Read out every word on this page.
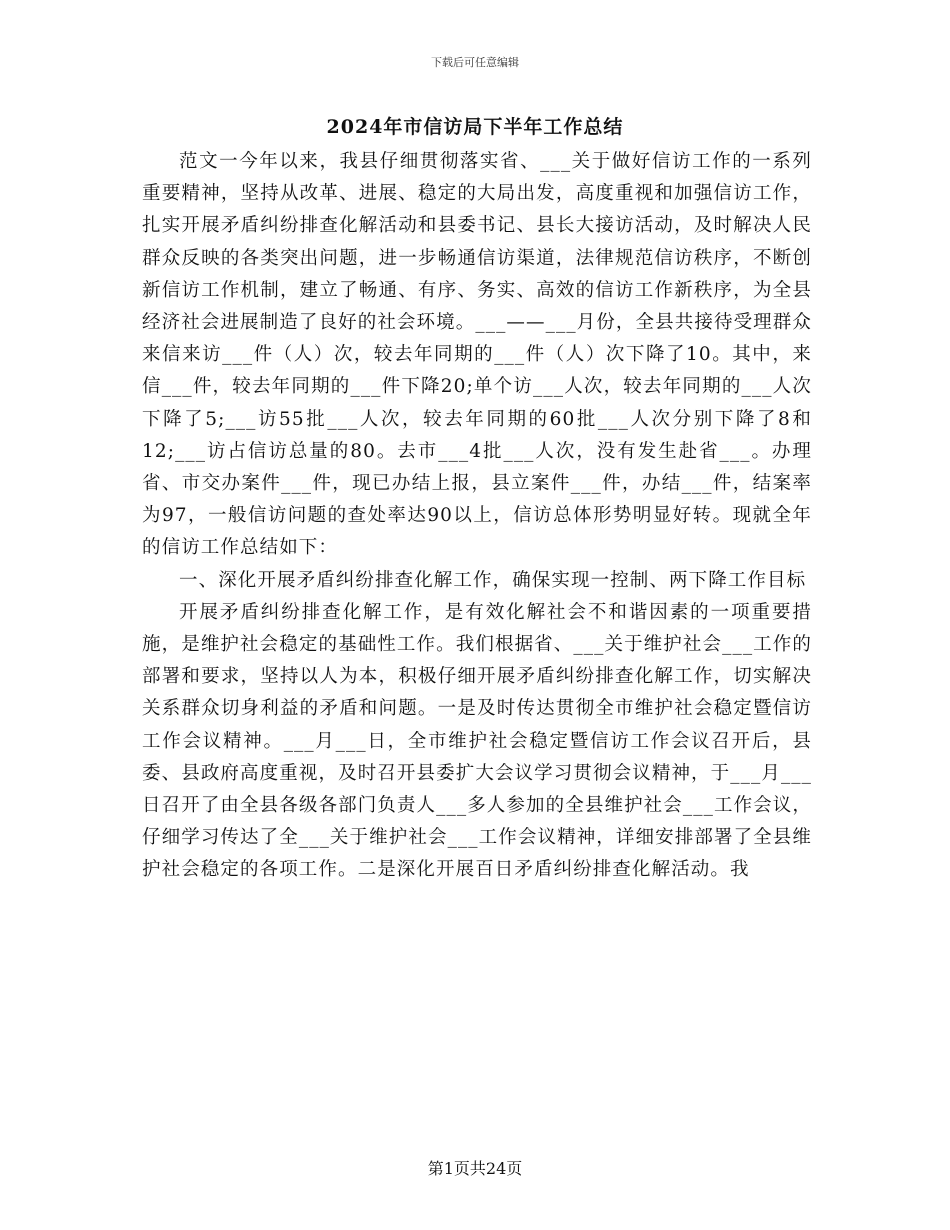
下载后可任意编辑
2024年市信访局下半年工作总结

范文一今年以来，我县仔细贯彻落实省、___关于做好信访工作的一系列重要精神，坚持从改革、进展、稳定的大局出发，高度重视和加强信访工作，扎实开展矛盾纠纷排查化解活动和县委书记、县长大接访活动，及时解决人民群众反映的各类突出问题，进一步畅通信访渠道，法律规范信访秩序，不断创新信访工作机制，建立了畅通、有序、务实、高效的信访工作新秩序，为全县经济社会进展制造了良好的社会环境。___——___月份，全县共接待受理群众来信来访___件（人）次，较去年同期的___件（人）次下降了10。其中，来信___件，较去年同期的___件下降20;单个访___人次，较去年同期的___人次下降了5;___访55批___人次，较去年同期的60批___人次分别下降了8和12;___访占信访总量的80。去市___4批___人次，没有发生赴省___。办理省、市交办案件___件，现已办结上报，县立案件___件，办结___件，结案率为97，一般信访问题的查处率达90以上，信访总体形势明显好转。现就全年的信访工作总结如下：

一、深化开展矛盾纠纷排查化解工作，确保实现一控制、两下降工作目标

开展矛盾纠纷排查化解工作，是有效化解社会不和谐因素的一项重要措施，是维护社会稳定的基础性工作。我们根据省、___关于维护社会___工作的部署和要求，坚持以人为本，积极仔细开展矛盾纠纷排查化解工作，切实解决关系群众切身利益的矛盾和问题。一是及时传达贯彻全市维护社会稳定暨信访工作会议精神。___月___日，全市维护社会稳定暨信访工作会议召开后，县委、县政府高度重视，及时召开县委扩大会议学习贯彻会议精神，于___月___日召开了由全县各级各部门负责人___多人参加的全县维护社会___工作会议，仔细学习传达了全___关于维护社会___工作会议精神，详细安排部署了全县维护社会稳定的各项工作。二是深化开展百日矛盾纠纷排查化解活动。我

第1页共24页
